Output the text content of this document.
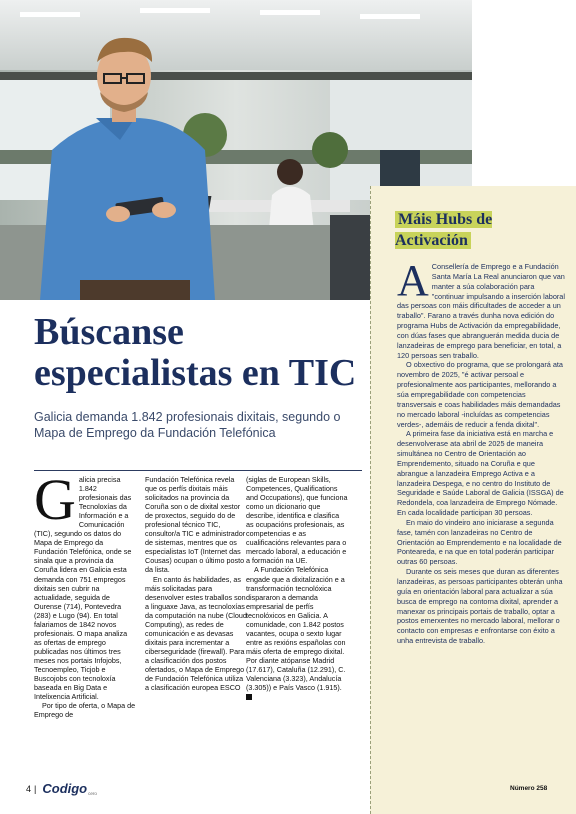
Máis Hubs de Activación

A Consellería de Emprego e a Fundación Santa María La Real anunciaron que van manter a súa colaboración para "continuar impulsando a inserción laboral das persoas con máis dificultades de acceder a un traballo". Farano a través dunha nova edición do programa Hubs de Activación da empregabilidade, con dúas fases que abranguerán medida ducia de lanzadeiras de emprego para beneficiar, en total, a 120 persoas sen traballo.

O obxectivo do programa, que se prolongará ata novembro de 2025, "é activar persoal e profesionalmente aos participantes, mellorando a súa empregabilidade con competencias transversais e coas habilidades máis demandadas no mercado laboral -incluídas as competencias verdes-, ademáis de reducir a fenda dixital".

A primeira fase da iniciativa está en marcha e desenvolverase ata abril de 2025 de maneira simultánea no Centro de Orientación ao Emprendemento, situado na Coruña e que abrangue a lanzadeira Emprego Activa e a lanzadeira Despega, e no centro do Instituto de Seguridade e Saúde Laboral de Galicia (ISSGA) de Redondela, coa lanzadeira de Emprego Nómade. En cada localidade participan 30 persoas.

En maio do vindeiro ano iniciarase a segunda fase, tamén con lanzadeiras no Centro de Orientación ao Emprendemento e na localidade de Ponteareda, e na que en total poderán participar outras 60 persoas.

Durante os seis meses que duran as diferentes lanzadeiras, as persoas participantes obterán unha guía en orientación laboral para actualizar a súa busca de emprego na contorna dixital, aprender a manexar os principais portais de traballo, optar a postos emerxentes no mercado laboral, mellorar o contacto con empresas e enfrontarse con éxito a unha entrevista de traballo.

Búscanse especialistas en TIC
Galicia demanda 1.842 profesionais dixitais, segundo o Mapa de Emprego da Fundación Telefónica

Galicia precisa 1.842 profesionais das Tecnoloxías da Información e a Comunicación (TIC), segundo os datos do Mapa de Emprego da Fundación Telefónica, onde se sinala que a provincia da Coruña lidera en Galicia esta demanda con 751 empregos dixitais sen cubrir na actualidade, seguida de Ourense (714), Pontevedra (283) e Lugo (94). En total falariamos de 1842 novos profesionais. O mapa analiza as ofertas de emprego publicadas nos últimos tres meses nos portais Infojobs, Tecnoempleo, Ticjob e Buscojobs con tecnoloxía baseada en Big Data e Intelixencia Artificial.

Por tipo de oferta, o Mapa de Emprego de

Fundación Telefónica revela que os perfís dixitais máis solicitados na provincia da Coruña son o de dixital xestor de proxectos, seguido do de profesional técnico TIC, consultor/a TIC e administrador de sistemas, mentres que os especialistas IoT (Internet das Cousas) ocupan o último posto da lista.

En canto ás habilidades, as máis solicitadas para desenvolver estes traballos son a linguaxe Java, as tecnoloxías da computación na nube (Cloud Computing), as redes de comunicación e as devasas dixitais para incrementar a ciberseguridade (firewall). Para a clasificación dos postos ofertados, o Mapa de Emprego de Fundación Telefónica utiliza a clasificación europea ESCO

(siglas de European Skills, Competences, Qualifications and Occupations), que funciona como un dicionario que describe, identifica e clasifica as ocupacións profesionais, as competencias e as cualificacións relevantes para o mercado laboral, a educación e a formación na UE.

A Fundación Telefónica engade que a dixitalización e a transformación tecnolóxica dispararon a demanda empresarial de perfís tecnolóxicos en Galicia. A comunidade, con 1.842 postos vacantes, ocupa o sexto lugar entre as rexións españolas con máis oferta de emprego dixital. Por diante atópanse Madrid (17.617), Cataluña (12.291), C. Valenciana (3.323), Andalucía (3.305)) e País Vasco (1.915).

4 | Codigo cero
Número 258
